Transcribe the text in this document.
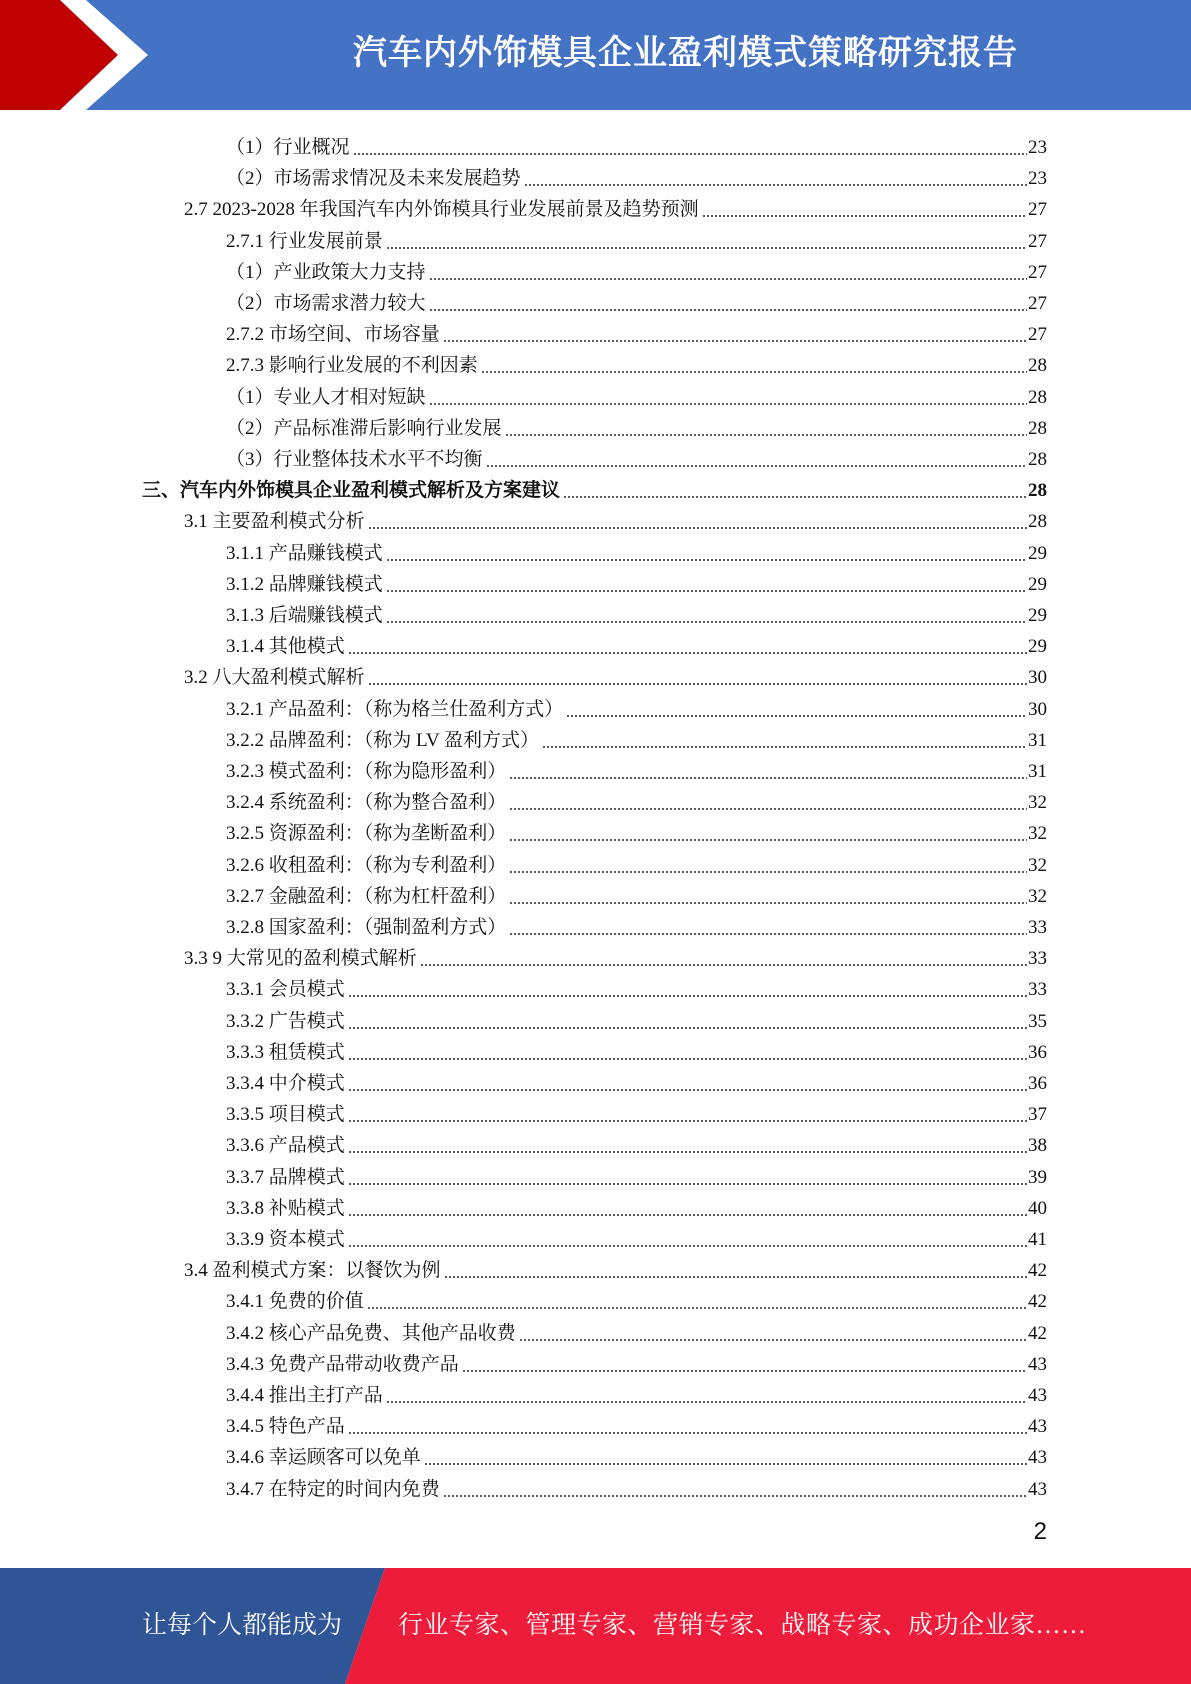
汽车内外饰模具企业盈利模式策略研究报告
（1）行业概况	23
（2）市场需求情况及未来发展趋势	23
2.7 2023-2028 年我国汽车内外饰模具行业发展前景及趋势预测	27
2.7.1 行业发展前景	27
（1）产业政策大力支持	27
（2）市场需求潜力较大	27
2.7.2 市场空间、市场容量	27
2.7.3 影响行业发展的不利因素	28
（1）专业人才相对短缺	28
（2）产品标准滞后影响行业发展	28
（3）行业整体技术水平不均衡	28
三、汽车内外饰模具企业盈利模式解析及方案建议	28
3.1 主要盈利模式分析	28
3.1.1 产品赚钱模式	29
3.1.2 品牌赚钱模式	29
3.1.3 后端赚钱模式	29
3.1.4 其他模式	29
3.2 八大盈利模式解析	30
3.2.1 产品盈利：（称为格兰仕盈利方式）	30
3.2.2 品牌盈利：（称为 LV 盈利方式）	31
3.2.3 模式盈利：（称为隐形盈利）	31
3.2.4 系统盈利：（称为整合盈利）	32
3.2.5 资源盈利：（称为垄断盈利）	32
3.2.6 收租盈利：（称为专利盈利）	32
3.2.7 金融盈利：（称为杠杆盈利）	32
3.2.8 国家盈利：（强制盈利方式）	33
3.3 9 大常见的盈利模式解析	33
3.3.1 会员模式	33
3.3.2 广告模式	35
3.3.3 租赁模式	36
3.3.4 中介模式	36
3.3.5 项目模式	37
3.3.6 产品模式	38
3.3.7 品牌模式	39
3.3.8 补贴模式	40
3.3.9 资本模式	41
3.4 盈利模式方案：以餐饮为例	42
3.4.1 免费的价值	42
3.4.2 核心产品免费、其他产品收费	42
3.4.3 免费产品带动收费产品	43
3.4.4 推出主打产品	43
3.4.5 特色产品	43
3.4.6 幸运顾客可以免单	43
3.4.7 在特定的时间内免费	43
2
让每个人都能成为 行业专家、管理专家、营销专家、战略专家、成功企业家……
